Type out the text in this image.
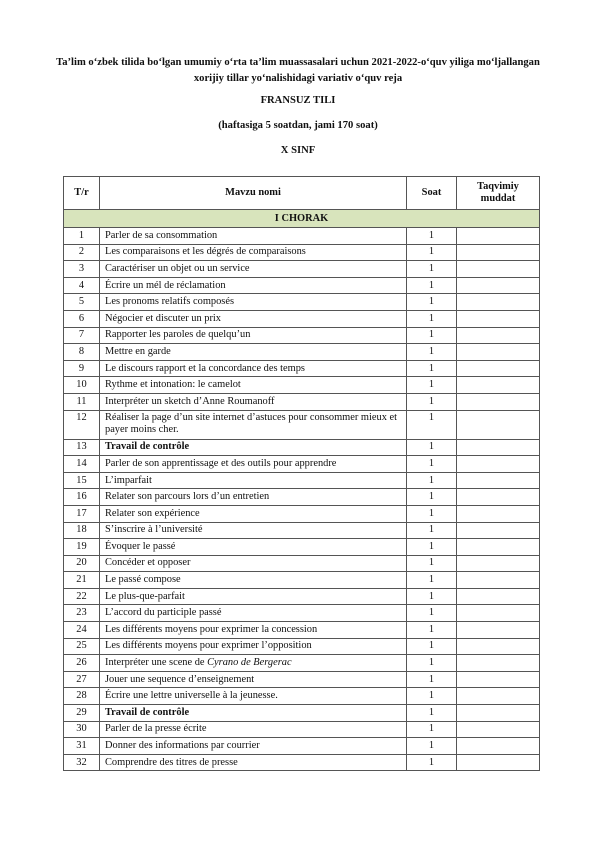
Ta’lim o‘zbek tilida bo‘lgan umumiy o‘rta ta’lim muassasalari uchun 2021-2022-o‘quv yiliga mo‘ljallangan xorijiy tillar yo‘nalishidagi variativ o‘quv reja
FRANSUZ TILI
(haftasiga 5 soatdan, jami 170 soat)
X SINF
T/r	Mavzu nomi	Soat	Taqvimiy muddat
I CHORAK			
1	Parler de sa consommation	1	
2	Les comparaisons et les dégrés de comparaisons	1	
3	Caractériser un objet ou un service	1	
4	Écrire un mél de réclamation	1	
5	Les pronoms relatifs composés	1	
6	Négocier et discuter un prix	1	
7	Rapporter les paroles de quelqu’un	1	
8	Mettre en garde	1	
9	Le discours rapport et la concordance des temps	1	
10	Rythme et intonation: le camelot	1	
11	Interpréter un sketch d’Anne Roumanoff	1	
12	Réaliser la page d’un site internet d’astuces pour consommer mieux et payer moins cher.	1	
13	Travail de contrôle	1	
14	Parler de son apprentissage et des outils pour apprendre	1	
15	L’imparfait	1	
16	Relater son parcours lors d’un entretien	1	
17	Relater son expérience	1	
18	S’inscrire à l’université	1	
19	Évoquer le passé	1	
20	Concéder et opposer	1	
21	Le passé compose	1	
22	Le plus-que-parfait	1	
23	L’accord du participle passé	1	
24	Les différents moyens pour exprimer la concession	1	
25	Les différents moyens pour exprimer l’opposition	1	
26	Interpréter une scene de Cyrano de Bergerac	1	
27	Jouer une sequence d’enseignement	1	
28	Écrire une lettre universelle à la jeunesse.	1	
29	Travail de contrôle	1	
30	Parler de la presse écrite	1	
31	Donner des informations par courrier	1	
32	Comprendre des titres de presse	1	
